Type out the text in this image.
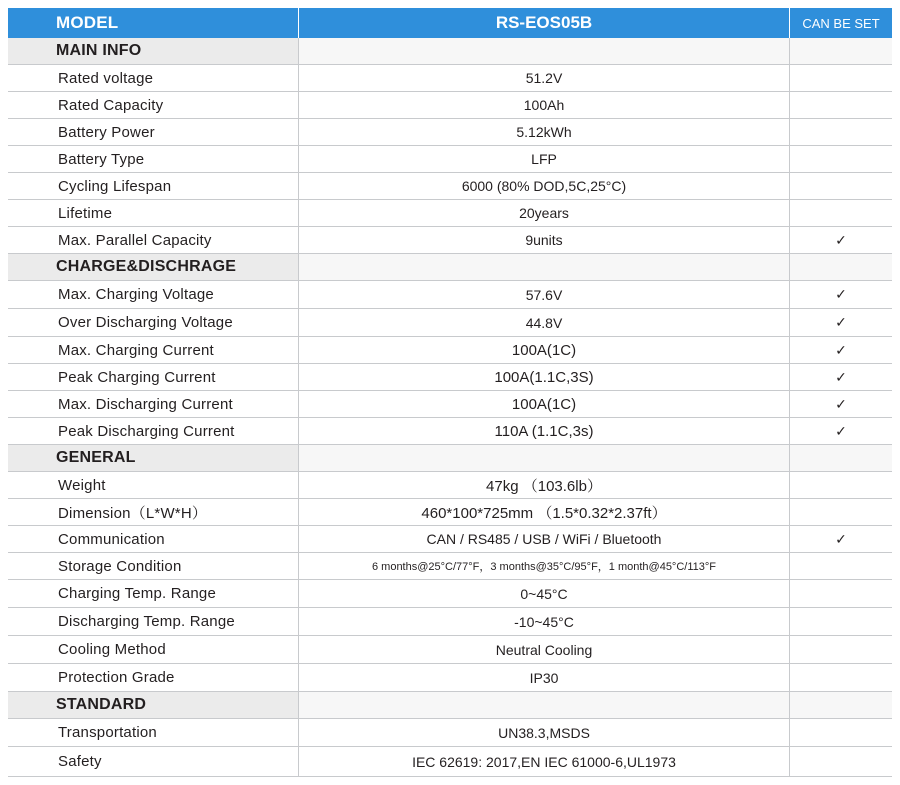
MODEL	RS-EOS05B	CAN BE SET
MAIN INFO
Rated voltage	51.2V
Rated Capacity	100Ah
Battery Power	5.12kWh
Battery Type	LFP
Cycling Lifespan	6000 (80% DOD,5C,25°C)
Lifetime	20years
Max. Parallel Capacity	9units	✓
CHARGE&DISCHRAGE
Max. Charging Voltage	57.6V	✓
Over Discharging Voltage	44.8V	✓
Max. Charging Current	100A(1C)	✓
Peak Charging Current	100A(1.1C,3S)	✓
Max. Discharging Current	100A(1C)	✓
Peak Discharging Current	110A (1.1C,3s)	✓
GENERAL
Weight	47kg （103.6lb）
Dimension（L*W*H）	460*100*725mm （1.5*0.32*2.37ft）
Communication	CAN / RS485 / USB / WiFi / Bluetooth	✓
Storage Condition	6 months@25°C/77°F，3 months@35°C/95°F，1 month@45°C/113°F
Charging Temp. Range	0~45°C
Discharging Temp. Range	-10~45°C
Cooling Method	Neutral Cooling
Protection Grade	IP30
STANDARD
Transportation	UN38.3,MSDS
Safety	IEC 62619: 2017,EN IEC 61000-6,UL1973
